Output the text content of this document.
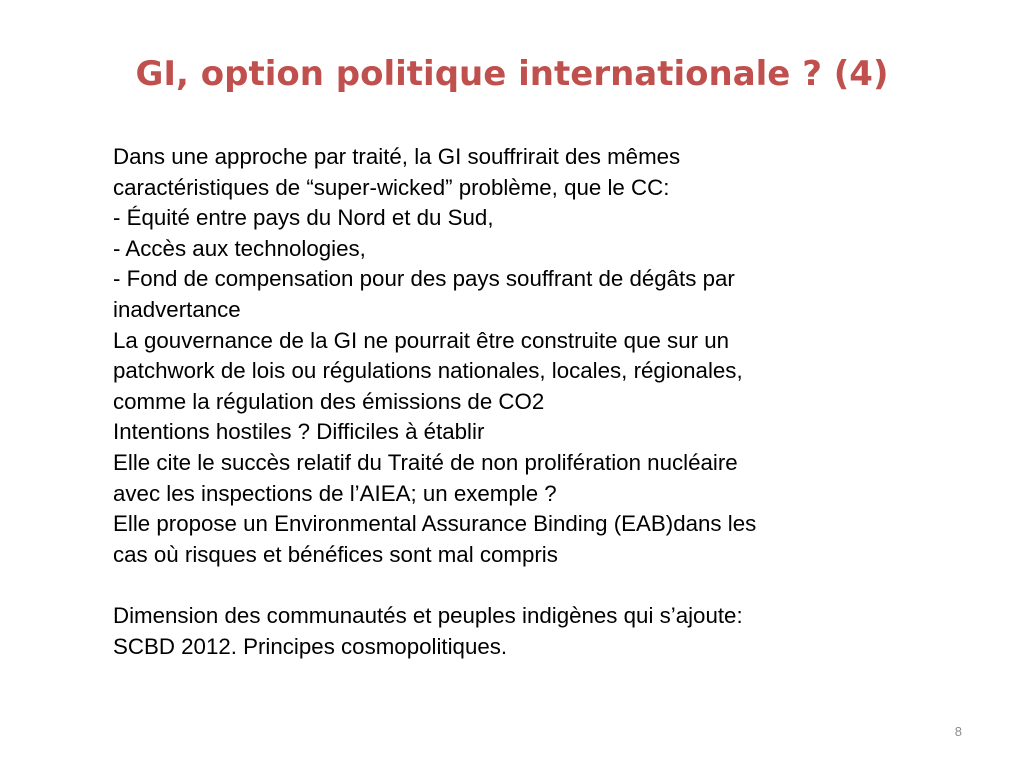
GI, option politique internationale ? (4)
Dans une approche par traité, la GI souffrirait des mêmes
caractéristiques de “super-wicked” problème, que le CC:
- Équité entre pays du Nord et du Sud,
- Accès aux technologies,
- Fond de compensation pour des pays souffrant de dégâts par
inadvertance
La gouvernance de la GI ne pourrait être construite que sur un
patchwork de lois ou régulations nationales, locales, régionales,
comme la régulation des émissions de CO2
Intentions hostiles ? Difficiles à établir
Elle cite le succès relatif du Traité de non prolifération nucléaire
avec les inspections de l’AIEA; un exemple ?
Elle propose un Environmental Assurance Binding (EAB)dans les
cas où risques et bénéfices sont mal compris
Dimension des communautés et peuples indigènes qui s’ajoute:
SCBD 2012. Principes cosmopolitiques.
8
